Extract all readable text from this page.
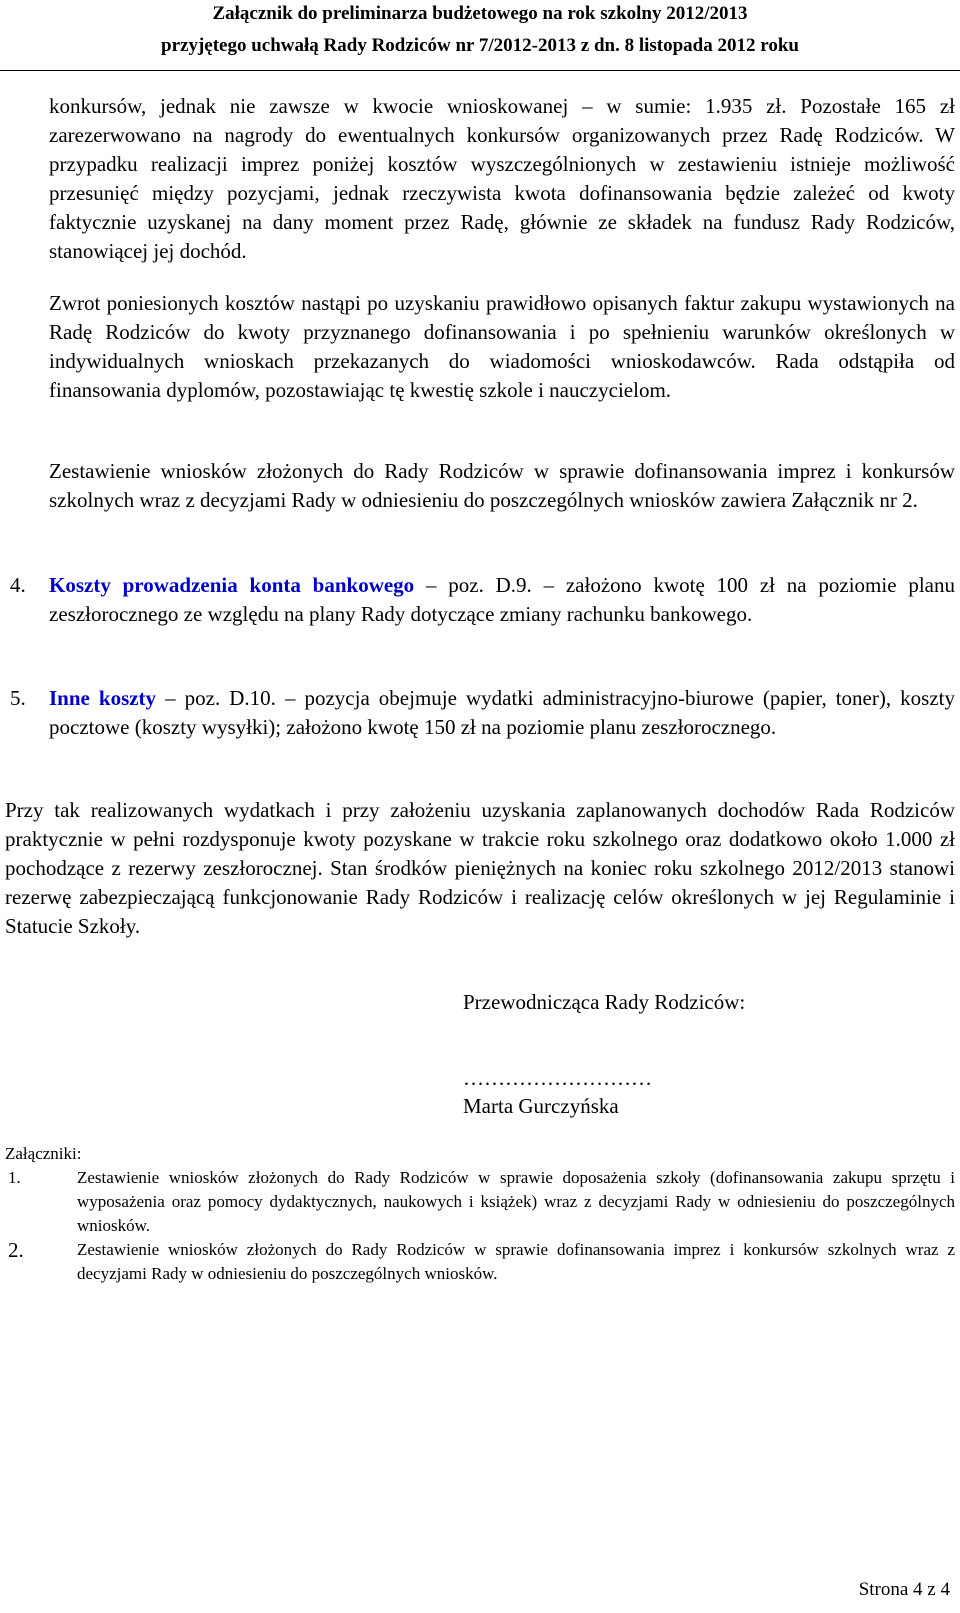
Załącznik do preliminarza budżetowego na rok szkolny 2012/2013
przyjętego uchwałą Rady Rodziców nr 7/2012-2013 z dn. 8 listopada 2012 roku

konkursów, jednak nie zawsze w kwocie wnioskowanej – w sumie: 1.935 zł. Pozostałe 165 zł zarezerwowano na nagrody do ewentualnych konkursów organizowanych przez Radę Rodziców. W przypadku realizacji imprez poniżej kosztów wyszczególnionych w zestawieniu istnieje możliwość przesunięć między pozycjami, jednak rzeczywista kwota dofinansowania będzie zależeć od kwoty faktycznie uzyskanej na dany moment przez Radę, głównie ze składek na fundusz Rady Rodziców, stanowiącej jej dochód.

Zwrot poniesionych kosztów nastąpi po uzyskaniu prawidłowo opisanych faktur zakupu wystawionych na Radę Rodziców do kwoty przyznanego dofinansowania i po spełnieniu warunków określonych w indywidualnych wnioskach przekazanych do wiadomości wnioskodawców. Rada odstąpiła od finansowania dyplomów, pozostawiając tę kwestię szkole i nauczycielom.

Zestawienie wniosków złożonych do Rady Rodziców w sprawie dofinansowania imprez i konkursów szkolnych wraz z decyzjami Rady w odniesieniu do poszczególnych wniosków zawiera Załącznik nr 2.

4. Koszty prowadzenia konta bankowego – poz. D.9. – założono kwotę 100 zł na poziomie planu zeszłorocznego ze względu na plany Rady dotyczące zmiany rachunku bankowego.

5. Inne koszty – poz. D.10. – pozycja obejmuje wydatki administracyjno-biurowe (papier, toner), koszty pocztowe (koszty wysyłki); założono kwotę 150 zł na poziomie planu zeszłorocznego.

Przy tak realizowanych wydatkach i przy założeniu uzyskania zaplanowanych dochodów Rada Rodziców praktycznie w pełni rozdysponuje kwoty pozyskane w trakcie roku szkolnego oraz dodatkowo około 1.000 zł pochodzące z rezerwy zeszłorocznej. Stan środków pieniężnych na koniec roku szkolnego 2012/2013 stanowi rezerwę zabezpieczającą funkcjonowanie Rady Rodziców i realizację celów określonych w jej Regulaminie i Statucie Szkoły.

Przewodnicząca Rady Rodziców:
………………………
Marta Gurczyńska
Załączniki:
1.	Zestawienie wniosków złożonych do Rady Rodziców w sprawie doposażenia szkoły (dofinansowania zakupu sprzętu i wyposażenia oraz pomocy dydaktycznych, naukowych i książek) wraz z decyzjami Rady w odniesieniu do poszczególnych wniosków.

2.	Zestawienie wniosków złożonych do Rady Rodziców w sprawie dofinansowania imprez i konkursów szkolnych wraz z decyzjami Rady w odniesieniu do poszczególnych wniosków.

Strona 4 z 4
